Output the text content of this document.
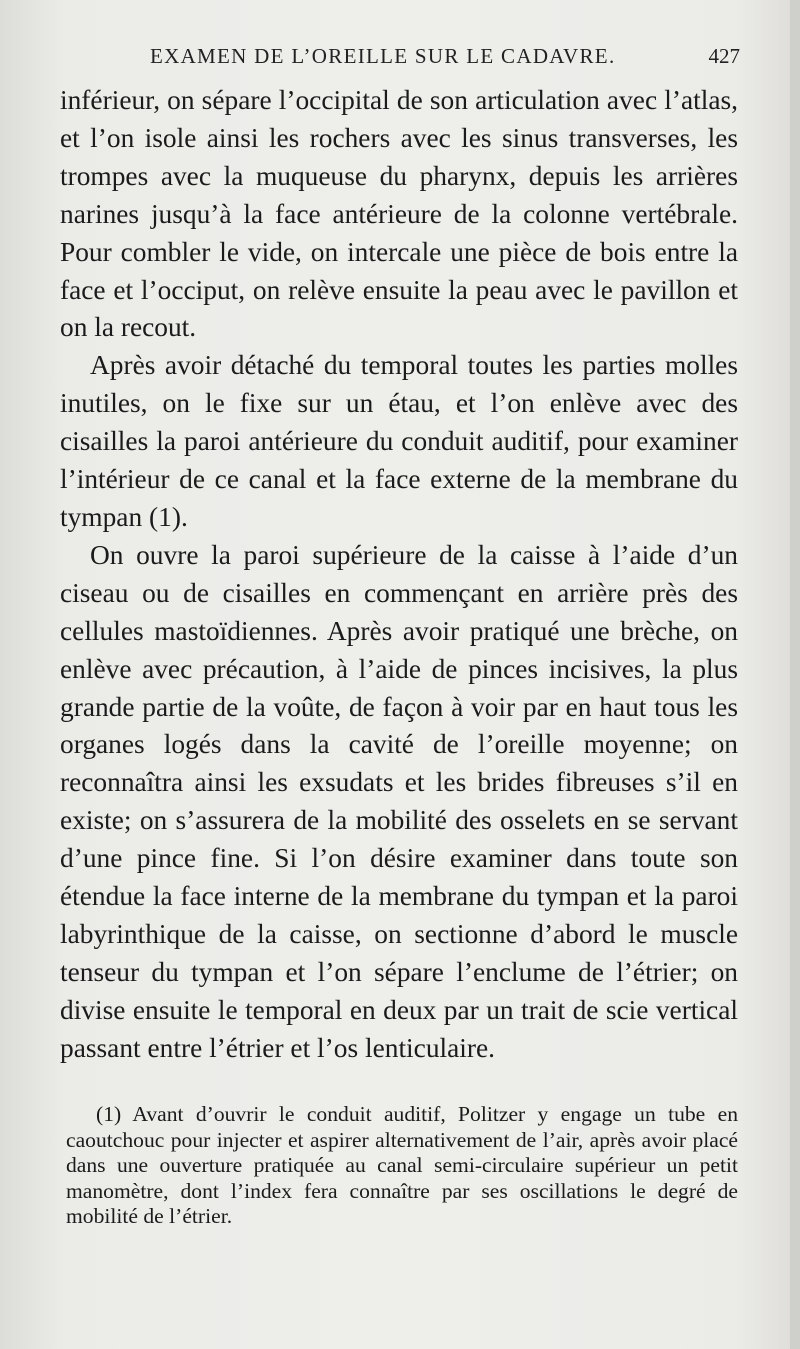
EXAMEN DE L’OREILLE SUR LE CADAVRE.	427

inférieur, on sépare l’occipital de son articulation avec l’atlas, et l’on isole ainsi les rochers avec les sinus transverses, les trompes avec la muqueuse du pharynx, depuis les arrières narines jusqu’à la face antérieure de la colonne vertébrale. Pour combler le vide, on intercale une pièce de bois entre la face et l’occiput, on relève ensuite la peau avec le pavillon et on la recout.

Après avoir détaché du temporal toutes les parties molles inutiles, on le fixe sur un étau, et l’on enlève avec des cisailles la paroi antérieure du conduit auditif, pour examiner l’intérieur de ce canal et la face externe de la membrane du tympan (1).

On ouvre la paroi supérieure de la caisse à l’aide d’un ciseau ou de cisailles en commençant en arrière près des cellules mastoïdiennes. Après avoir pratiqué une brèche, on enlève avec précaution, à l’aide de pinces incisives, la plus grande partie de la voûte, de façon à voir par en haut tous les organes logés dans la cavité de l’oreille moyenne; on reconnaîtra ainsi les exsudats et les brides fibreuses s’il en existe; on s’assurera de la mobilité des osselets en se servant d’une pince fine. Si l’on désire examiner dans toute son étendue la face interne de la membrane du tympan et la paroi labyrinthique de la caisse, on sectionne d’abord le muscle tenseur du tympan et l’on sépare l’enclume de l’étrier; on divise ensuite le temporal en deux par un trait de scie vertical passant entre l’étrier et l’os lenticulaire.

(1) Avant d’ouvrir le conduit auditif, Politzer y engage un tube en caoutchouc pour injecter et aspirer alternativement de l’air, après avoir placé dans une ouverture pratiquée au canal semi-circulaire supérieur un petit manomètre, dont l’index fera connaître par ses oscillations le degré de mobilité de l’étrier.
